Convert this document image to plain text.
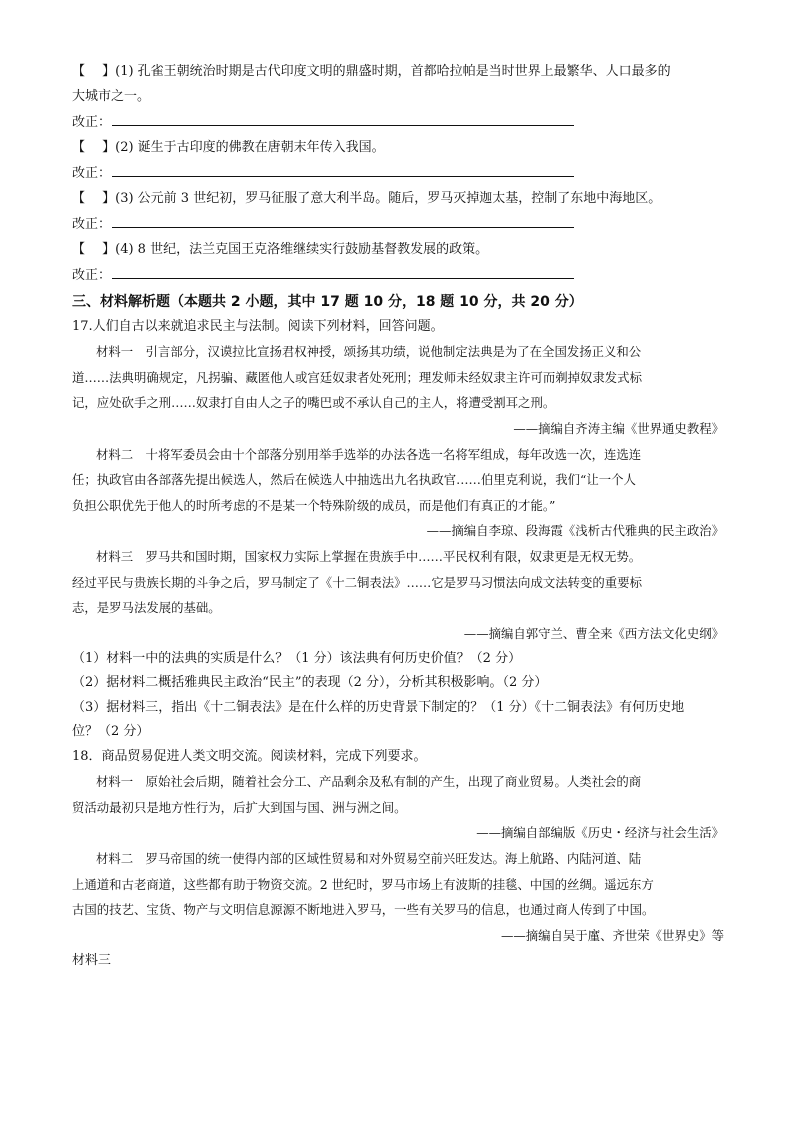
【　 】(1) 孔雀王朝统治时期是古代印度文明的鼎盛时期，首都哈拉帕是当时世界上最繁华、人口最多的

大城市之一。

改正：

【　 】(2) 诞生于古印度的佛教在唐朝末年传入我国。

改正：

【　 】(3) 公元前 3 世纪初，罗马征服了意大利半岛。随后，罗马灭掉迦太基，控制了东地中海地区。

改正：

【　 】(4) 8 世纪，法兰克国王克洛维继续实行鼓励基督教发展的政策。

改正：

三、材料解析题（本题共 2 小题，其中 17 题 10 分，18 题 10 分，共 20 分）

17.人们自古以来就追求民主与法制。阅读下列材料，回答问题。

材料一　引言部分，汉谟拉比宣扬君权神授，颂扬其功绩，说他制定法典是为了在全国发扬正义和公

道……法典明确规定，凡拐骗、藏匿他人或宫廷奴隶者处死刑；理发师未经奴隶主许可而剃掉奴隶发式标

记，应处砍手之刑……奴隶打自由人之子的嘴巴或不承认自己的主人，将遭受割耳之刑。

——摘编自齐涛主编《世界通史教程》

材料二　十将军委员会由十个部落分别用举手选举的办法各选一名将军组成，每年改选一次，连选连

任；执政官由各部落先提出候选人，然后在候选人中抽选出九名执政官……伯里克利说，我们“让一个人

负担公职优先于他人的时所考虑的不是某一个特殊阶级的成员，而是他们有真正的才能。”

——摘编自李琼、段海霞《浅析古代雅典的民主政治》

材料三　罗马共和国时期，国家权力实际上掌握在贵族手中……平民权利有限，奴隶更是无权无势。

经过平民与贵族长期的斗争之后，罗马制定了《十二铜表法》……它是罗马习惯法向成文法转变的重要标

志，是罗马法发展的基础。

——摘编自郭守兰、曹全来《西方法文化史纲》

（1）材料一中的法典的实质是什么？（1 分）该法典有何历史价值？（2 分）

（2）据材料二概括雅典民主政治“民主”的表现（2 分），分析其积极影响。（2 分）

（3）据材料三，指出《十二铜表法》是在什么样的历史背景下制定的？（1 分）《十二铜表法》有何历史地

位？（2 分）

18．商品贸易促进人类文明交流。阅读材料，完成下列要求。

材料一　原始社会后期，随着社会分工、产品剩余及私有制的产生，出现了商业贸易。人类社会的商

贸活动最初只是地方性行为，后扩大到国与国、洲与洲之间。

——摘编自部编版《历史・经济与社会生活》

材料二　罗马帝国的统一使得内部的区域性贸易和对外贸易空前兴旺发达。海上航路、内陆河道、陆

上通道和古老商道，这些都有助于物资交流。2 世纪时，罗马市场上有波斯的挂毯、中国的丝绸。遥远东方

古国的技艺、宝货、物产与文明信息源源不断地进入罗马，一些有关罗马的信息，也通过商人传到了中国。

——摘编自吴于廑、齐世荣《世界史》等

材料三
